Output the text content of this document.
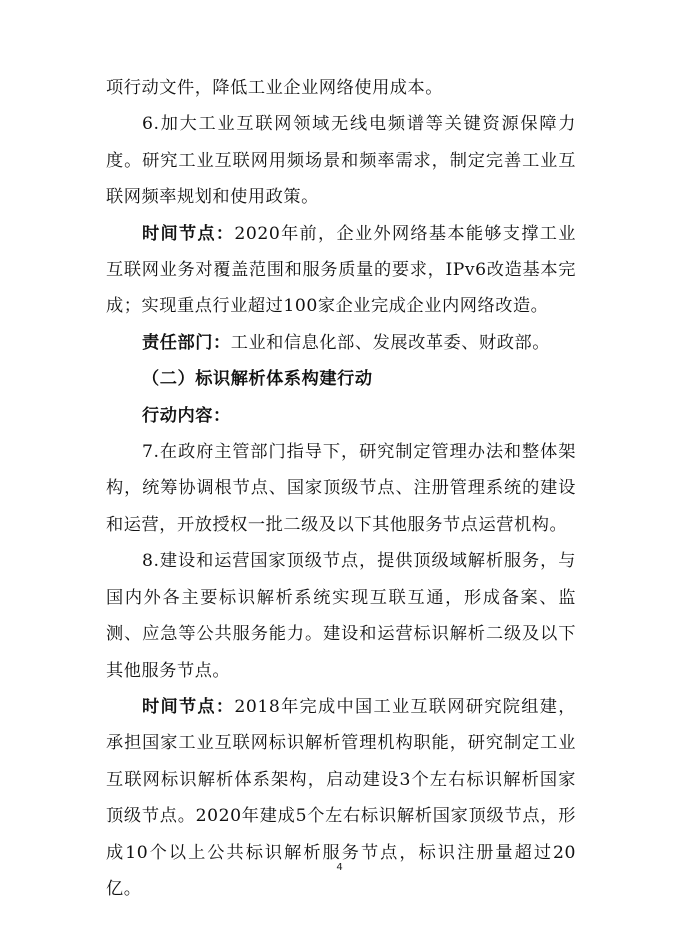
项行动文件，降低工业企业网络使用成本。

6.加大工业互联网领域无线电频谱等关键资源保障力度。研究工业互联网用频场景和频率需求，制定完善工业互联网频率规划和使用政策。

时间节点：2020年前，企业外网络基本能够支撑工业互联网业务对覆盖范围和服务质量的要求，IPv6改造基本完成；实现重点行业超过100家企业完成企业内网络改造。

责任部门：工业和信息化部、发展改革委、财政部。

（二）标识解析体系构建行动

行动内容：

7.在政府主管部门指导下，研究制定管理办法和整体架构，统筹协调根节点、国家顶级节点、注册管理系统的建设和运营，开放授权一批二级及以下其他服务节点运营机构。

8.建设和运营国家顶级节点，提供顶级域解析服务，与国内外各主要标识解析系统实现互联互通，形成备案、监测、应急等公共服务能力。建设和运营标识解析二级及以下其他服务节点。

时间节点：2018年完成中国工业互联网研究院组建，承担国家工业互联网标识解析管理机构职能，研究制定工业互联网标识解析体系架构，启动建设3个左右标识解析国家顶级节点。2020年建成5个左右标识解析国家顶级节点，形成10个以上公共标识解析服务节点，标识注册量超过20亿。

4
